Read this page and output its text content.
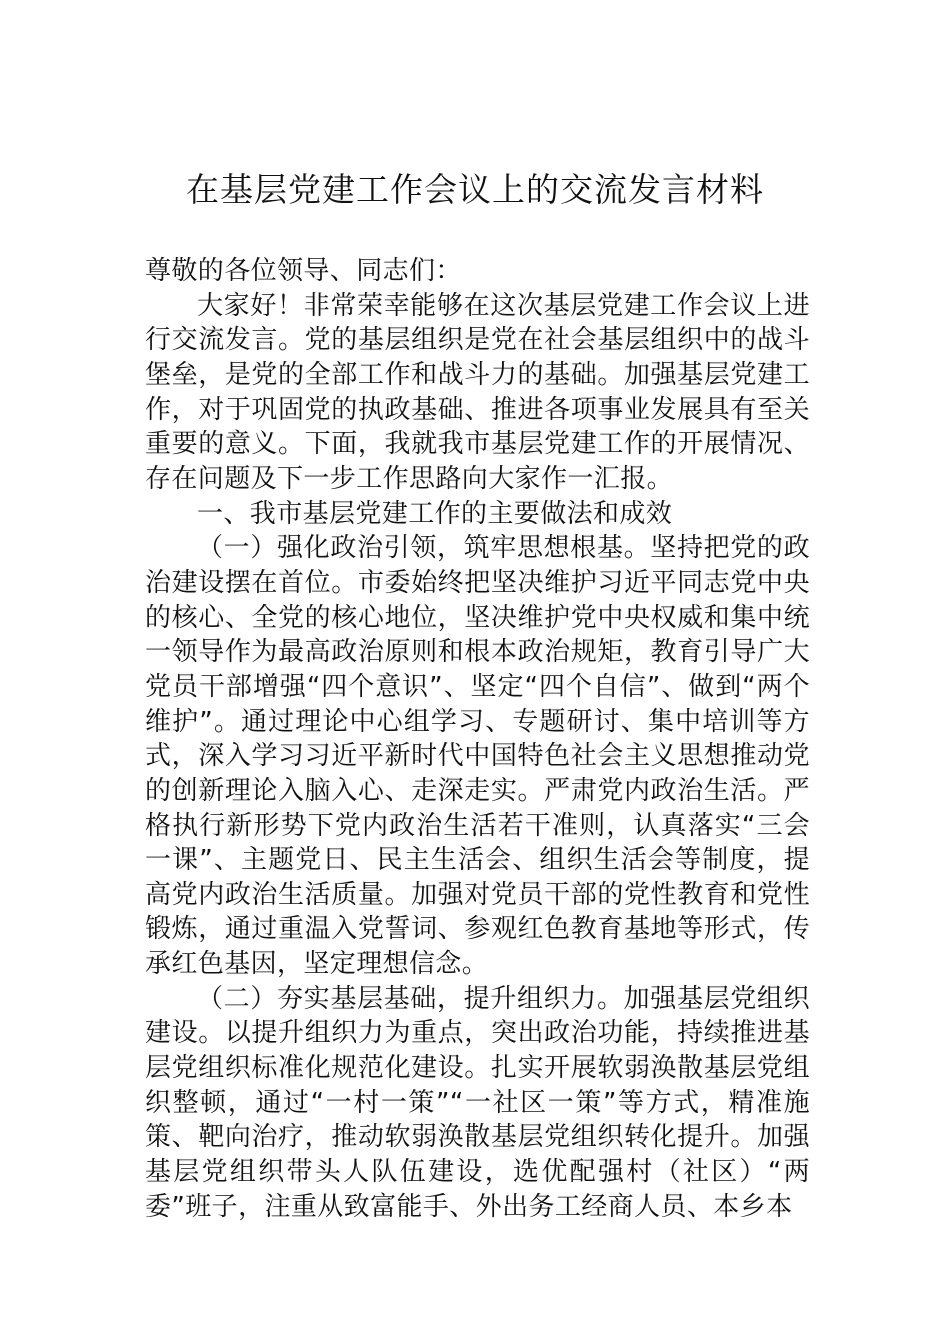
在基层党建工作会议上的交流发言材料

尊敬的各位领导、同志们：

大家好！非常荣幸能够在这次基层党建工作会议上进行交流发言。党的基层组织是党在社会基层组织中的战斗堡垒，是党的全部工作和战斗力的基础。加强基层党建工作，对于巩固党的执政基础、推进各项事业发展具有至关重要的意义。下面，我就我市基层党建工作的开展情况、存在问题及下一步工作思路向大家作一汇报。

一、我市基层党建工作的主要做法和成效

（一）强化政治引领，筑牢思想根基。坚持把党的政治建设摆在首位。市委始终把坚决维护习近平同志党中央的核心、全党的核心地位，坚决维护党中央权威和集中统一领导作为最高政治原则和根本政治规矩，教育引导广大党员干部增强“四个意识”、坚定“四个自信”、做到“两个维护”。通过理论中心组学习、专题研讨、集中培训等方式，深入学习习近平新时代中国特色社会主义思想推动党的创新理论入脑入心、走深走实。严肃党内政治生活。严格执行新形势下党内政治生活若干准则，认真落实“三会一课”、主题党日、民主生活会、组织生活会等制度，提高党内政治生活质量。加强对党员干部的党性教育和党性锻炼，通过重温入党誓词、参观红色教育基地等形式，传承红色基因，坚定理想信念。

（二）夯实基层基础，提升组织力。加强基层党组织建设。以提升组织力为重点，突出政治功能，持续推进基层党组织标准化规范化建设。扎实开展软弱涣散基层党组织整顿，通过“一村一策”“一社区一策”等方式，精准施策、靶向治疗，推动软弱涣散基层党组织转化提升。加强基层党组织带头人队伍建设，选优配强村（社区）“两委”班子，注重从致富能手、外出务工经商人员、本乡本
